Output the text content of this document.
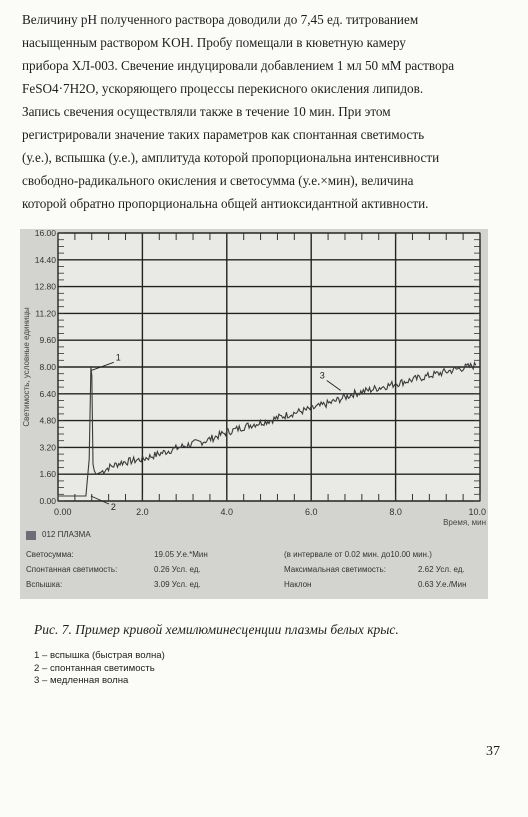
Величину pH полученного раствора доводили до 7,45 ед. титрованием
насыщенным раствором KOH. Пробу помещали в кюветную камеру
прибора ХЛ-003. Свечение индуцировали добавлением 1 мл 50 мМ раствора
FeSO4·7H2O, ускоряющего процессы перекисного окисления липидов.
Запись свечения осуществляли также в течение 10 мин. При этом
регистрировали значение таких параметров как спонтанная светимость
(у.е.), вспышка (у.е.), амплитуда которой пропорциональна интенсивности
свободно-радикального окисления и светосумма (у.е.×мин), величина
которой обратно пропорциональна общей антиоксидантной активности.
0.00
1.60
3.20
4.80
6.40
8.00
9.60
11.20
12.80
14.40
16.00
0.00	2.0	4.0	6.0	8.0	10.0
Светимость, условные единицы
Время, мин
1
2
3
012 ПЛАЗМА
Светосумма:	19.05 У.е.*Мин	(в интервале от 0.02 мин. до10.00 мин.)
Спонтанная светимость:	0.26 Усл. ед.	Максимальная светимость:	2.62 Усл. ед.
Вспышка:	3.09 Усл. ед.	Наклон	0.63 У.е./Мин
Рис. 7. Пример кривой хемилюминесценции плазмы белых крыс.
1 – вспышка (быстрая волна)
2 – спонтанная светимость
3 – медленная волна
37
